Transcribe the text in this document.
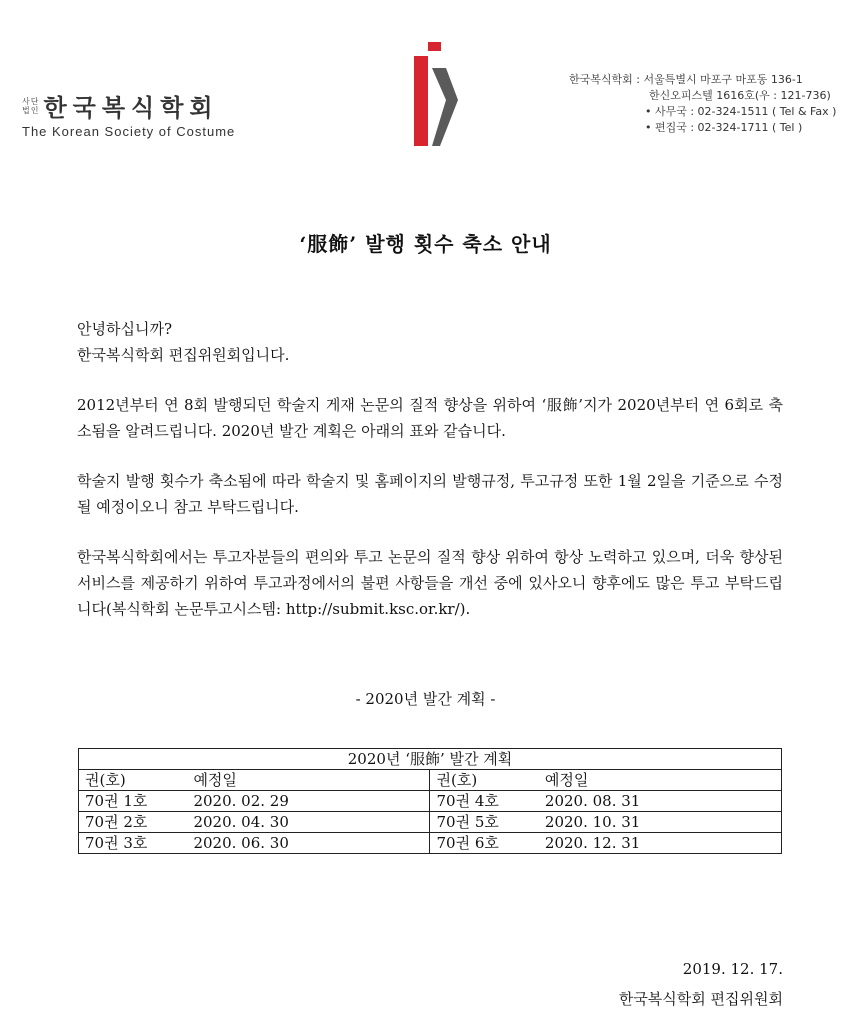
사단
법인 한국복식학회
The Korean Society of Costume
한국복식학회 : 서울특별시 마포구 마포동 136-1
한신오피스텔 1616호(우 : 121-736)
• 사무국 : 02-324-1511 ( Tel & Fax )
• 편집국 : 02-324-1711 ( Tel )
‘服飾’ 발행 횟수 축소 안내

안녕하십니까?

한국복식학회 편집위원회입니다.

2012년부터 연 8회 발행되던 학술지 게재 논문의 질적 향상을 위하여 ‘服飾’지가 2020년부터 연 6회로 축소됨을 알려드립니다. 2020년 발간 계획은 아래의 표와 같습니다.

학술지 발행 횟수가 축소됨에 따라 학술지 및 홈페이지의 발행규정, 투고규정 또한 1월 2일을 기준으로 수정될 예정이오니 참고 부탁드립니다.

한국복식학회에서는 투고자분들의 편의와 투고 논문의 질적 향상 위하여 항상 노력하고 있으며, 더욱 향상된 서비스를 제공하기 위하여 투고과정에서의 불편 사항들을 개선 중에 있사오니 향후에도 많은 투고 부탁드립니다(복식학회 논문투고시스템: http://submit.ksc.or.kr/).

- 2020년 발간 계획 -
2020년 ‘服飾’ 발간 계획			
권(호)	예정일	권(호)	예정일
70권 1호	2020. 02. 29	70권 4호	2020. 08. 31
70권 2호	2020. 04. 30	70권 5호	2020. 10. 31
70권 3호	2020. 06. 30	70권 6호	2020. 12. 31
2019. 12. 17.
한국복식학회 편집위원회
